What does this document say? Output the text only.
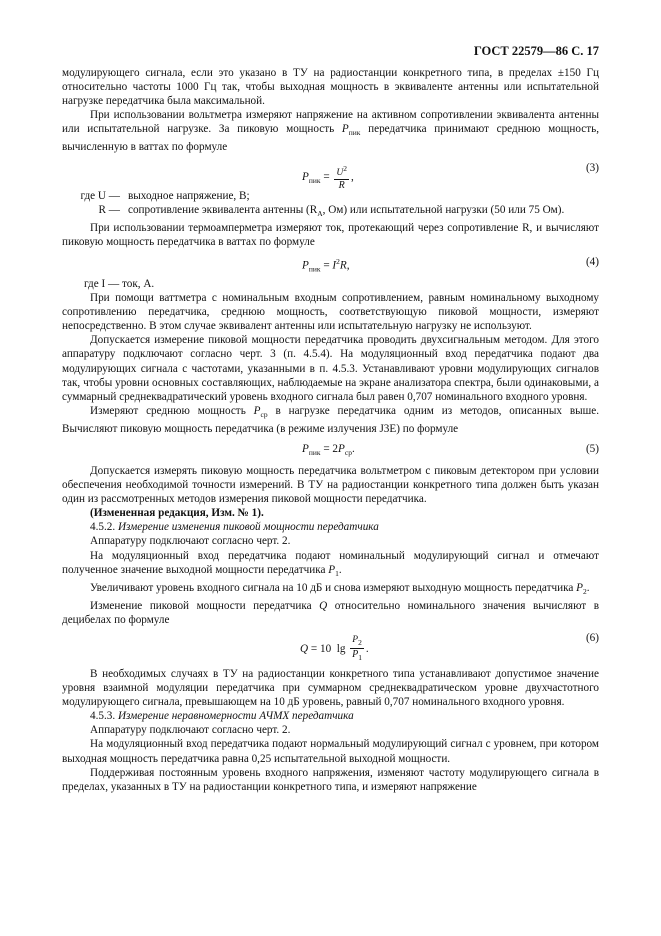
ГОСТ 22579—86 С. 17

модулирующего сигнала, если это указано в ТУ на радиостанции конкретного типа, в пределах ±150 Гц относительно частоты 1000 Гц так, чтобы выходная мощность в эквиваленте антенны или испытательной нагрузке передатчика была максимальной.

При использовании вольтметра измеряют напряжение на активном сопротивлении эквивалента антенны или испытательной нагрузке. За пиковую мощность $P_{пик}$ передатчика принимают среднюю мощность, вычисленную в ваттах по формуле

$P_{пик} = \frac{U^2}{R}$ ,
(3)
где U — выходное напряжение, В;
R — сопротивление эквивалента антенны ($R_А$, Ом) или испытательной нагрузки (50 или 75 Ом).

При использовании термоамперметра измеряют ток, протекающий через сопротивление R, и вычисляют пиковую мощность передатчика в ваттах по формуле

$P_{пик} = I^2R$,	(4)

где I — ток, А.

При помощи ваттметра с номинальным входным сопротивлением, равным номинальному выходному сопротивлению передатчика, среднюю мощность, соответствующую пиковой мощности, измеряют непосредственно. В этом случае эквивалент антенны или испытательную нагрузку не используют.

Допускается измерение пиковой мощности передатчика проводить двухсигнальным методом. Для этого аппаратуру подключают согласно черт. 3 (п. 4.5.4). На модуляционный вход передатчика подают два модулирующих сигнала с частотами, указанными в п. 4.5.3. Устанавливают уровни модулирующих сигналов так, чтобы уровни основных составляющих, наблюдаемые на экране анализатора спектра, были одинаковыми, а суммарный среднеквадратический уровень входного сигнала был равен 0,707 номинального входного уровня.

Измеряют среднюю мощность $P_{ср}$ в нагрузке передатчика одним из методов, описанных выше. Вычисляют пиковую мощность передатчика (в режиме излучения J3E) по формуле

$P_{пик} = 2P_{ср}$.	(5)

Допускается измерять пиковую мощность передатчика вольтметром с пиковым детектором при условии обеспечения необходимой точности измерений. В ТУ на радиостанции конкретного типа должен быть указан один из рассмотренных методов измерения пиковой мощности передатчика.

(Измененная редакция, Изм. № 1).

4.5.2. Измерение изменения пиковой мощности передатчика

Аппаратуру подключают согласно черт. 2.

На модуляционный вход передатчика подают номинальный модулирующий сигнал и отмечают полученное значение выходной мощности передатчика $P_1$.

Увеличивают уровень входного сигнала на 10 дБ и снова измеряют выходную мощность передатчика $P_2$.

Изменение пиковой мощности передатчика Q относительно номинального значения вычисляют в децибелах по формуле

Q = 10 $\lg \frac{P_2}{P_1}$ .
(6)

В необходимых случаях в ТУ на радиостанции конкретного типа устанавливают допустимое значение уровня взаимной модуляции передатчика при суммарном среднеквадратическом уровне двухчастотного модулирующего сигнала, превышающем на 10 дБ уровень, равный 0,707 номинального входного уровня.

4.5.3. Измерение неравномерности АЧМХ передатчика

Аппаратуру подключают согласно черт. 2.

На модуляционный вход передатчика подают нормальный модулирующий сигнал с уровнем, при котором выходная мощность передатчика равна 0,25 испытательной выходной мощности.

Поддерживая постоянным уровень входного напряжения, изменяют частоту модулирующего сигнала в пределах, указанных в ТУ на радиостанции конкретного типа, и измеряют напряжение
